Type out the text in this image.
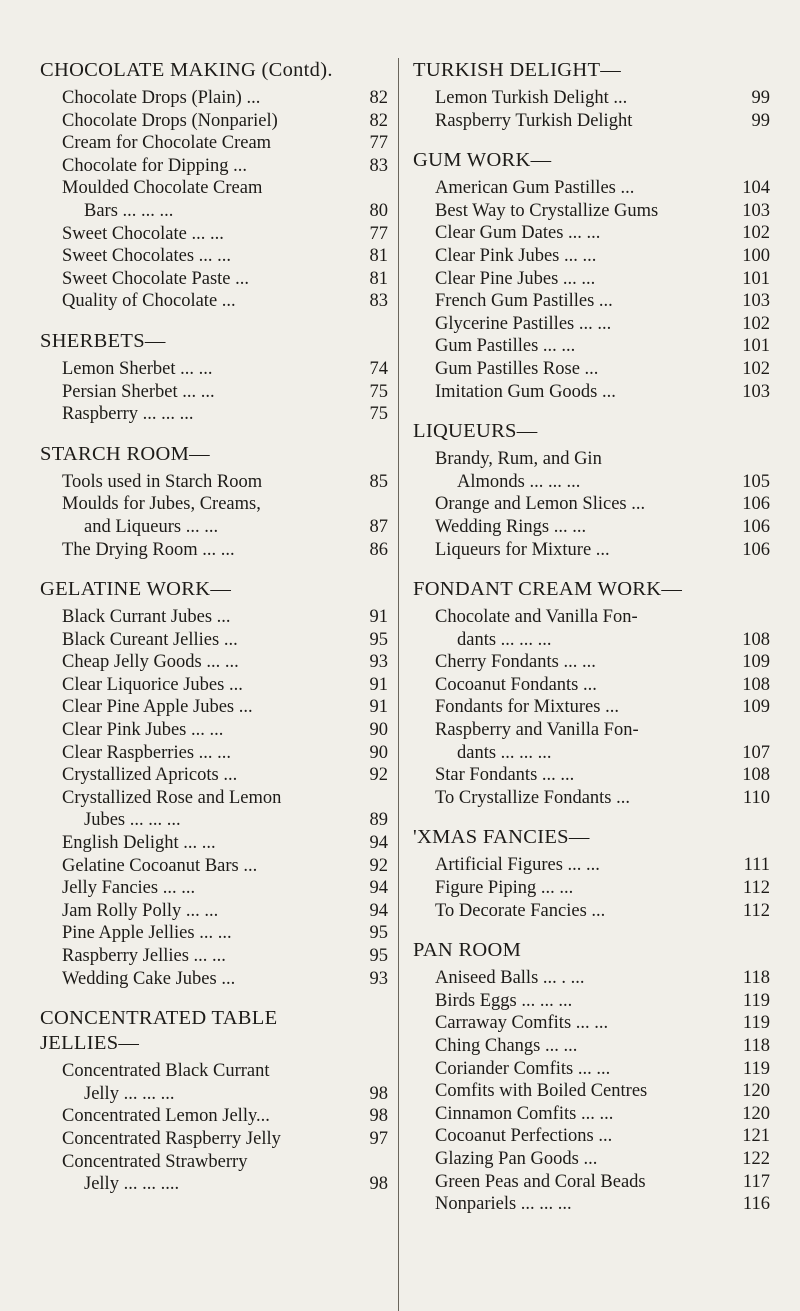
CHOCOLATE MAKING (Contd).
Chocolate Drops (Plain) ...	82
Chocolate Drops (Nonpariel)	82
Cream for Chocolate Cream	77
Chocolate for Dipping ...	83
Moulded Chocolate Cream
Bars ... ... ...	80
Sweet Chocolate ... ...	77
Sweet Chocolates ... ...	81
Sweet Chocolate Paste ...	81
Quality of Chocolate ...	83
SHERBETS—
Lemon Sherbet ... ...	74
Persian Sherbet ... ...	75
Raspberry ... ... ...	75
STARCH ROOM—
Tools used in Starch Room	85
Moulds for Jubes, Creams,
and Liqueurs ... ...	87
The Drying Room ... ...	86
GELATINE WORK—
Black Currant Jubes ...	91
Black Cureant Jellies ...	95
Cheap Jelly Goods ... ...	93
Clear Liquorice Jubes ...	91
Clear Pine Apple Jubes ...	91
Clear Pink Jubes ... ...	90
Clear Raspberries ... ...	90
Crystallized Apricots ...	92
Crystallized Rose and Lemon
Jubes ... ... ...	89
English Delight ... ...	94
Gelatine Cocoanut Bars ...	92
Jelly Fancies ... ...	94
Jam Rolly Polly ... ...	94
Pine Apple Jellies ... ...	95
Raspberry Jellies ... ...	95
Wedding Cake Jubes ...	93
CONCENTRATED TABLE
JELLIES—
Concentrated Black Currant
Jelly ... ... ...	98
Concentrated Lemon Jelly...	98
Concentrated Raspberry Jelly	97
Concentrated Strawberry
Jelly ... ... ....	98
TURKISH DELIGHT—
Lemon Turkish Delight ...	99
Raspberry Turkish Delight	99
GUM WORK—
American Gum Pastilles ...	104
Best Way to Crystallize Gums	103
Clear Gum Dates ... ...	102
Clear Pink Jubes ... ...	100
Clear Pine Jubes ... ...	101
French Gum Pastilles ...	103
Glycerine Pastilles ... ...	102
Gum Pastilles ... ...	101
Gum Pastilles Rose ...	102
Imitation Gum Goods ...	103
LIQUEURS—
Brandy, Rum, and Gin
Almonds ... ... ...	105
Orange and Lemon Slices ...	106
Wedding Rings ... ...	106
Liqueurs for Mixture ...	106
FONDANT CREAM WORK—
Chocolate and Vanilla Fon-
dants ... ... ...	108
Cherry Fondants ... ...	109
Cocoanut Fondants ...	108
Fondants for Mixtures ...	109
Raspberry and Vanilla Fon-
dants ... ... ...	107
Star Fondants ... ...	108
To Crystallize Fondants ...	110
'XMAS FANCIES—
Artificial Figures ... ...	111
Figure Piping ... ...	112
To Decorate Fancies ...	112
PAN ROOM
Aniseed Balls ... . ...	118
Birds Eggs ... ... ...	119
Carraway Comfits ... ...	119
Ching Changs ... ...	118
Coriander Comfits ... ...	119
Comfits with Boiled Centres	120
Cinnamon Comfits ... ...	120
Cocoanut Perfections ...	121
Glazing Pan Goods ...	122
Green Peas and Coral Beads	117
Nonpariels ... ... ...	116
